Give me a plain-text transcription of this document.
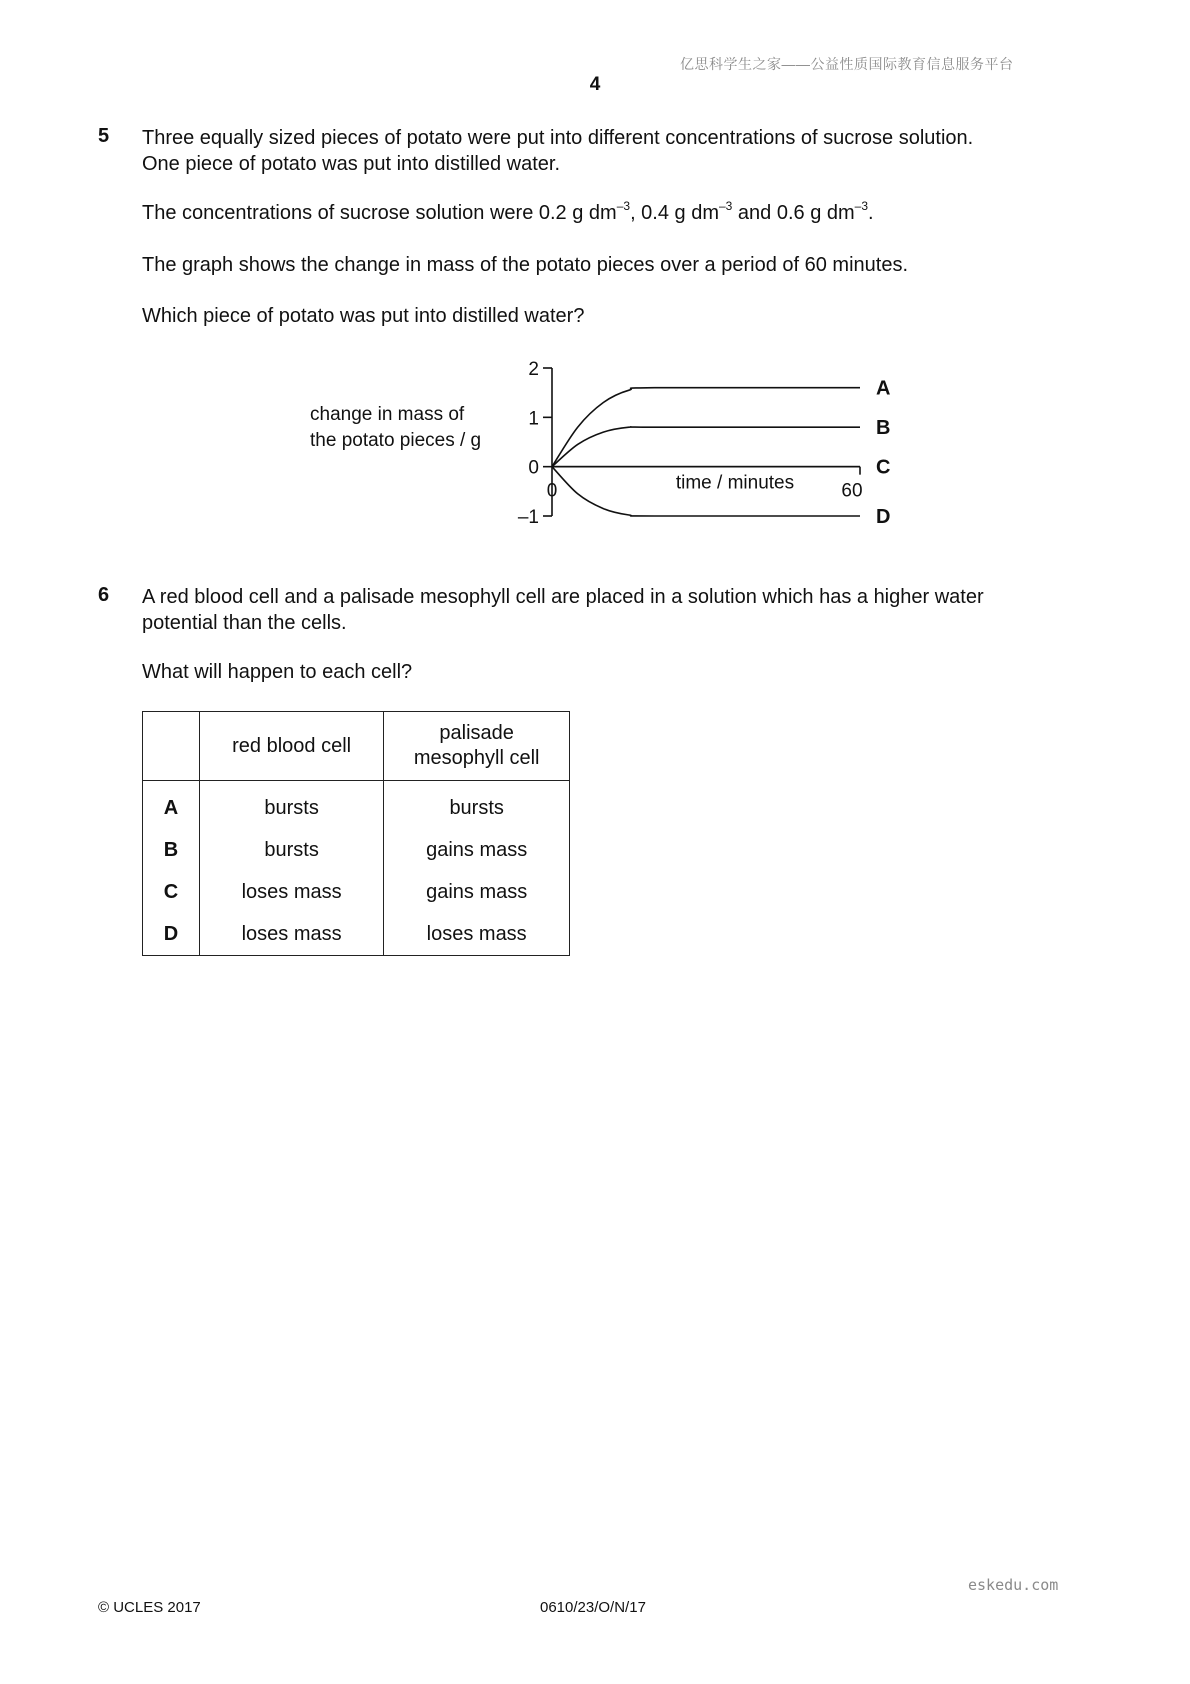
亿思科学生之家——公益性质国际教育信息服务平台
4
5 Three equally sized pieces of potato were put into different concentrations of sucrose solution.
One piece of potato was put into distilled water.
The concentrations of sucrose solution were 0.2 g $dm^{-3}$, 0.4 g $dm^{-3}$ and 0.6 g $dm^{-3}$.
The graph shows the change in mass of the potato pieces over a period of 60 minutes.
Which piece of potato was put into distilled water?
change in mass of
the potato pieces / g
2
1
0
–1
0	60
time / minutes
A
B
C
D
6 A red blood cell and a palisade mesophyll cell are placed in a solution which has a higher water
potential than the cells.
What will happen to each cell?
	red blood cell	palisade
mesophyll cell

A	bursts	bursts
B	bursts	gains mass
C	loses mass	gains mass
D	loses mass	loses mass
eskedu.com
© UCLES 2017	0610/23/O/N/17
